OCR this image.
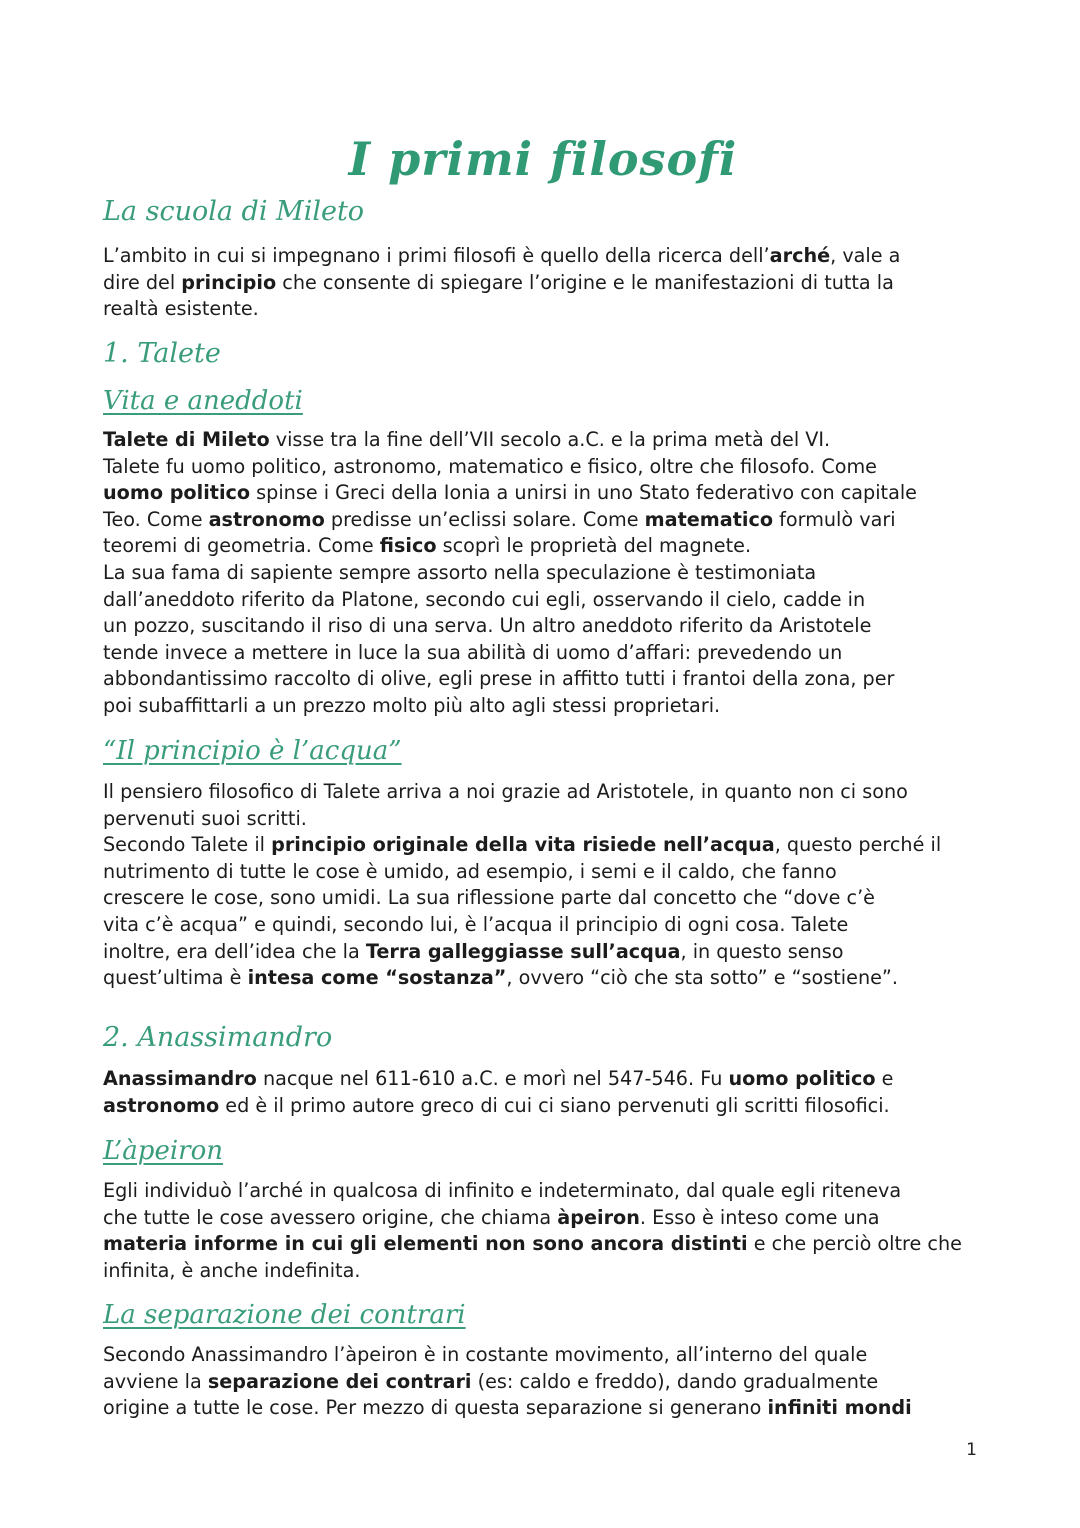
I primi filosofi
La scuola di Mileto
L’ambito in cui si impegnano i primi filosofi è quello della ricerca dell’arché, vale a
dire del principio che consente di spiegare l’origine e le manifestazioni di tutta la
realtà esistente.
1. Talete
Vita e aneddoti
Talete di Mileto visse tra la fine dell’VII secolo a.C. e la prima metà del VI.
Talete fu uomo politico, astronomo, matematico e fisico, oltre che filosofo. Come
uomo politico spinse i Greci della Ionia a unirsi in uno Stato federativo con capitale
Teo. Come astronomo predisse un’eclissi solare. Come matematico formulò vari
teoremi di geometria. Come fisico scoprì le proprietà del magnete.
La sua fama di sapiente sempre assorto nella speculazione è testimoniata
dall’aneddoto riferito da Platone, secondo cui egli, osservando il cielo, cadde in
un pozzo, suscitando il riso di una serva. Un altro aneddoto riferito da Aristotele
tende invece a mettere in luce la sua abilità di uomo d’affari: prevedendo un
abbondantissimo raccolto di olive, egli prese in affitto tutti i frantoi della zona, per
poi subaffittarli a un prezzo molto più alto agli stessi proprietari.
“Il principio è l’acqua”
Il pensiero filosofico di Talete arriva a noi grazie ad Aristotele, in quanto non ci sono
pervenuti suoi scritti.
Secondo Talete il principio originale della vita risiede nell’acqua, questo perché il
nutrimento di tutte le cose è umido, ad esempio, i semi e il caldo, che fanno
crescere le cose, sono umidi. La sua riflessione parte dal concetto che “dove c’è
vita c’è acqua” e quindi, secondo lui, è l’acqua il principio di ogni cosa. Talete
inoltre, era dell’idea che la Terra galleggiasse sull’acqua, in questo senso
quest’ultima è intesa come “sostanza”, ovvero “ciò che sta sotto” e “sostiene”.
2. Anassimandro
Anassimandro nacque nel 611-610 a.C. e morì nel 547-546. Fu uomo politico e
astronomo ed è il primo autore greco di cui ci siano pervenuti gli scritti filosofici.
L’àpeiron
Egli individuò l’arché in qualcosa di infinito e indeterminato, dal quale egli riteneva
che tutte le cose avessero origine, che chiama àpeiron. Esso è inteso come una
materia informe in cui gli elementi non sono ancora distinti e che perciò oltre che
infinita, è anche indefinita.
La separazione dei contrari
Secondo Anassimandro l’àpeiron è in costante movimento, all’interno del quale
avviene la separazione dei contrari (es: caldo e freddo), dando gradualmente
origine a tutte le cose. Per mezzo di questa separazione si generano infiniti mondi
1
